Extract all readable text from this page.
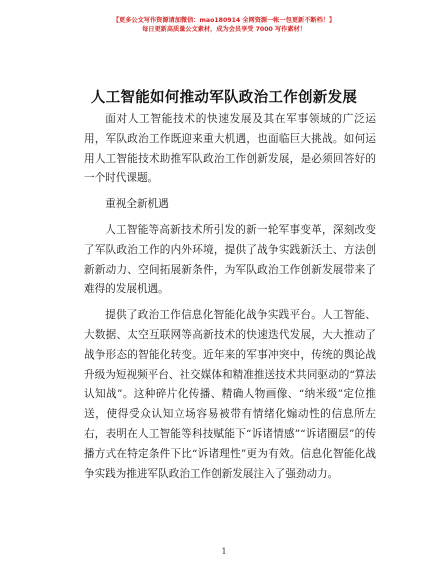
【更多公文写作资源请加微信：mao180914 全网资源一帐一包更新不断档！】
每日更新高质量公文素材，成为会员享受 7000 写作素材！
人工智能如何推动军队政治工作创新发展

面对人工智能技术的快速发展及其在军事领域的广泛运用，军队政治工作既迎来重大机遇，也面临巨大挑战。如何运用人工智能技术助推军队政治工作创新发展，是必须回答好的一个时代课题。

重视全新机遇

人工智能等高新技术所引发的新一轮军事变革，深刻改变了军队政治工作的内外环境，提供了战争实践新沃土、方法创新新动力、空间拓展新条件，为军队政治工作创新发展带来了难得的发展机遇。

提供了政治工作信息化智能化战争实践平台。人工智能、大数据、太空互联网等高新技术的快速迭代发展，大大推动了战争形态的智能化转变。近年来的军事冲突中，传统的舆论战升级为短视频平台、社交媒体和精准推送技术共同驱动的“算法认知战”。这种碎片化传播、精确人物画像、“纳米级”定位推送，使得受众认知立场容易被带有情绪化煽动性的信息所左右，表明在人工智能等科技赋能下“诉诸情感”“诉诸圈层”的传播方式在特定条件下比“诉诸理性”更为有效。信息化智能化战争实践为推进军队政治工作创新发展注入了强劲动力。

1
